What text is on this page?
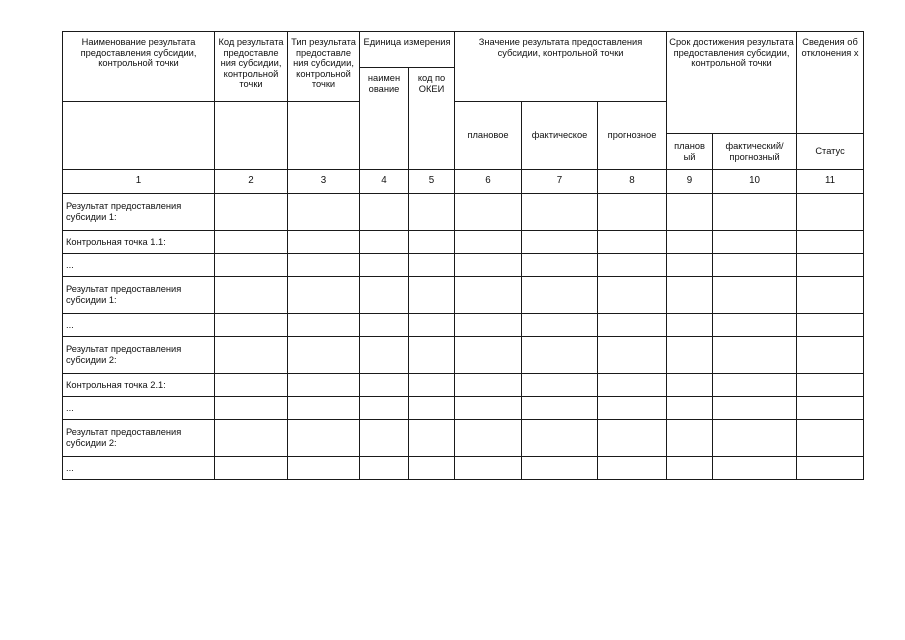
Наименование результата предоставления субсидии, контрольной точки	Код результата предоставле ния субсидии, контрольной точки	Тип результата предоставле ния субсидии, контрольной точки	Единица измерения		Значение результата предоставления субсидии, контрольной точки			Срок достижения результата предоставления субсидии, контрольной точки		Сведения об отклонения х
			наимен ование	код по ОКЕИ						
					плановое	фактическое	прогнозное			
								планов ый	фактический/ прогнозный	Статус
1	2	3	4	5	6	7	8	9	10	11
Результат предоставления субсидии 1:										
Контрольная точка 1.1:										
...										
Результат предоставления субсидии 1:										
...										
Результат предоставления субсидии 2:										
Контрольная точка 2.1:										
...										
Результат предоставления субсидии 2:										
...										
